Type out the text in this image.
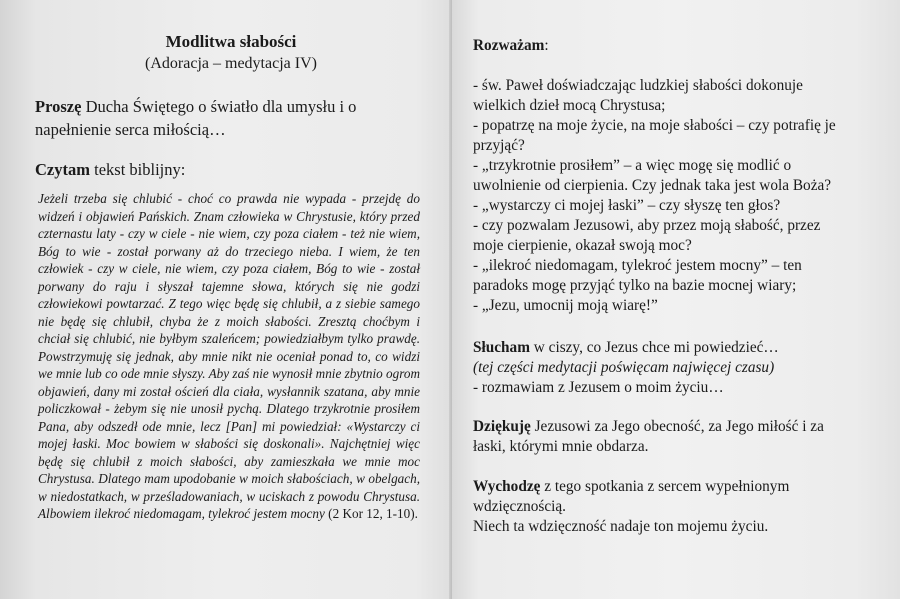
Modlitwa słabości
(Adoracja – medytacja IV)
Proszę Ducha Świętego o światło dla umysłu i o napełnienie serca miłością…
Czytam tekst biblijny:
Jeżeli trzeba się chlubić - choć co prawda nie wypada - przejdę do widzeń i objawień Pańskich. Znam człowieka w Chrystusie, który przed czternastu laty - czy w ciele - nie wiem, czy poza ciałem - też nie wiem, Bóg to wie - został porwany aż do trzeciego nieba. I wiem, że ten człowiek - czy w ciele, nie wiem, czy poza ciałem, Bóg to wie - został porwany do raju i słyszał tajemne słowa, których się nie godzi człowiekowi powtarzać. Z tego więc będę się chlubił, a z siebie samego nie będę się chlubił, chyba że z moich słabości. Zresztą choćbym i chciał się chlubić, nie byłbym szaleńcem; powiedziałbym tylko prawdę. Powstrzymuję się jednak, aby mnie nikt nie oceniał ponad to, co widzi we mnie lub co ode mnie słyszy. Aby zaś nie wynosił mnie zbytnio ogrom objawień, dany mi został oścień dla ciała, wysłannik szatana, aby mnie policzkował - żebym się nie unosił pychą. Dlatego trzykrotnie prosiłem Pana, aby odszedł ode mnie, lecz [Pan] mi powiedział: «Wystarczy ci mojej łaski. Moc bowiem w słabości się doskonali». Najchętniej więc będę się chlubił z moich słabości, aby zamieszkała we mnie moc Chrystusa. Dlatego mam upodobanie w moich słabościach, w obelgach, w niedostatkach, w prześladowaniach, w uciskach z powodu Chrystusa. Albowiem ilekroć niedomagam, tylekroć jestem mocny (2 Kor 12, 1-10).
Rozważam:
- św. Paweł doświadczając ludzkiej słabości dokonuje
wielkich dzieł mocą Chrystusa;
- popatrzę na moje życie, na moje słabości – czy potrafię je
przyjąć?
- „trzykrotnie prosiłem” – a więc mogę się modlić o
uwolnienie od cierpienia. Czy jednak taka jest wola Boża?
- „wystarczy ci mojej łaski” – czy słyszę ten głos?
- czy pozwalam Jezusowi, aby przez moją słabość, przez
moje cierpienie, okazał swoją moc?
- „ilekroć niedomagam, tylekroć jestem mocny” – ten
paradoks mogę przyjąć tylko na bazie mocnej wiary;
- „Jezu, umocnij moją wiarę!”
Słucham w ciszy, co Jezus chce mi powiedzieć…
(tej części medytacji poświęcam najwięcej czasu)
- rozmawiam z Jezusem o moim życiu…
Dziękuję Jezusowi za Jego obecność, za Jego miłość i za
łaski, którymi mnie obdarza.
Wychodzę z tego spotkania z sercem wypełnionym
wdzięcznością.
Niech ta wdzięczność nadaje ton mojemu życiu.
